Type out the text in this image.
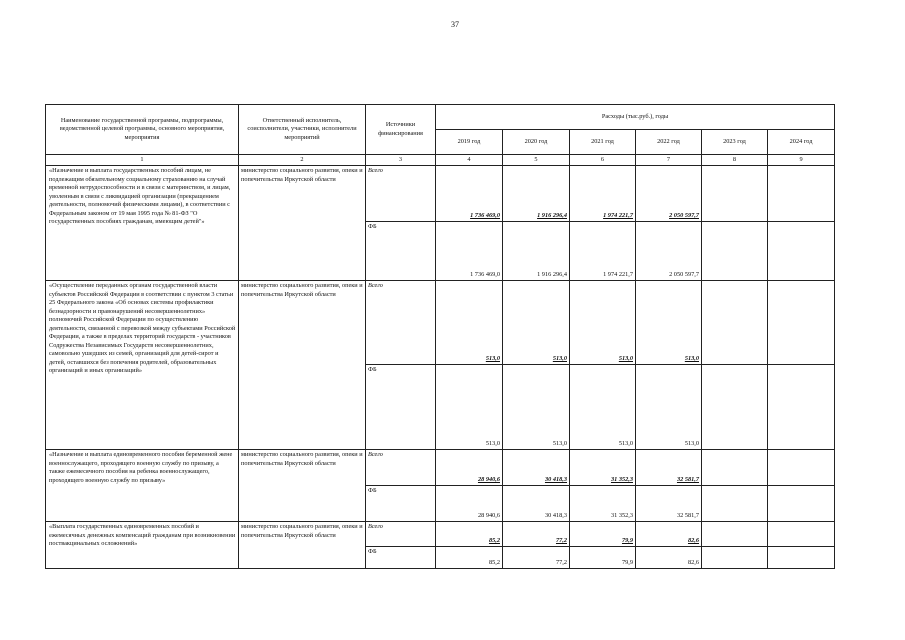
37
Наименование государственной программы, подпрограммы, ведомственной целевой программы, основного мероприятия, мероприятия	Ответственный исполнитель, соисполнители, участники, исполнители мероприятий	Источники финансирования	Расходы (тыс.руб.), годы					
			2019 год	2020 год	2021 год	2022 год	2023 год	2024 год
1	2	3	4	5	6	7	8	9
«Назначение и выплата государственных пособий лицам, не подлежащим обязательному социальному страхованию на случай временной нетрудоспособности и в связи с материнством, и лицам, уволенным в связи с ликвидацией организации (прекращением деятельности, полномочий физическими лицами), в соответствии с Федеральным законом от 19 мая 1995 года № 81-ФЗ "О государственных пособиях гражданам, имеющим детей"»	министерство социального развития, опеки и попечительства Иркутской области	Всего	1 736 469,0	1 916 296,4	1 974 221,7	2 050 597,7		
		ФБ	1 736 469,0	1 916 296,4	1 974 221,7	2 050 597,7		
«Осуществление переданных органам государственной власти субъектов Российской Федерации в соответствии с пунктом 3 статьи 25 Федерального закона «Об основах системы профилактики безнадзорности и правонарушений несовершеннолетних» полномочий Российской Федерации по осуществлению деятельности, связанной с перевозкой между субъектами Российской Федерации, а также в пределах территорий государств - участников Содружества Независимых Государств несовершеннолетних, самовольно ушедших из семей, организаций для детей-сирот и детей, оставшихся без попечения родителей, образовательных организаций и иных организаций»	министерство социального развития, опеки и попечительства Иркутской области	Всего	513,0	513,0	513,0	513,0		
		ФБ	513,0	513,0	513,0	513,0		
«Назначение и выплата единовременного пособия беременной жене военнослужащего, проходящего военную службу по призыву, а также ежемесячного пособия на ребенка военнослужащего, проходящего военную службу по призыву»	министерство социального развития, опеки и попечительства Иркутской области	Всего	28 940,6	30 418,3	31 352,3	32 581,7		
		ФБ	28 940,6	30 418,3	31 352,3	32 581,7		
«Выплата государственных единовременных пособий и ежемесячных денежных компенсаций гражданам при возникновении поствакцинальных осложнений»	министерство социального развития, опеки и попечительства Иркутской области	Всего	85,2	77,2	79,9	82,6		
		ФБ	85,2	77,2	79,9	82,6		
